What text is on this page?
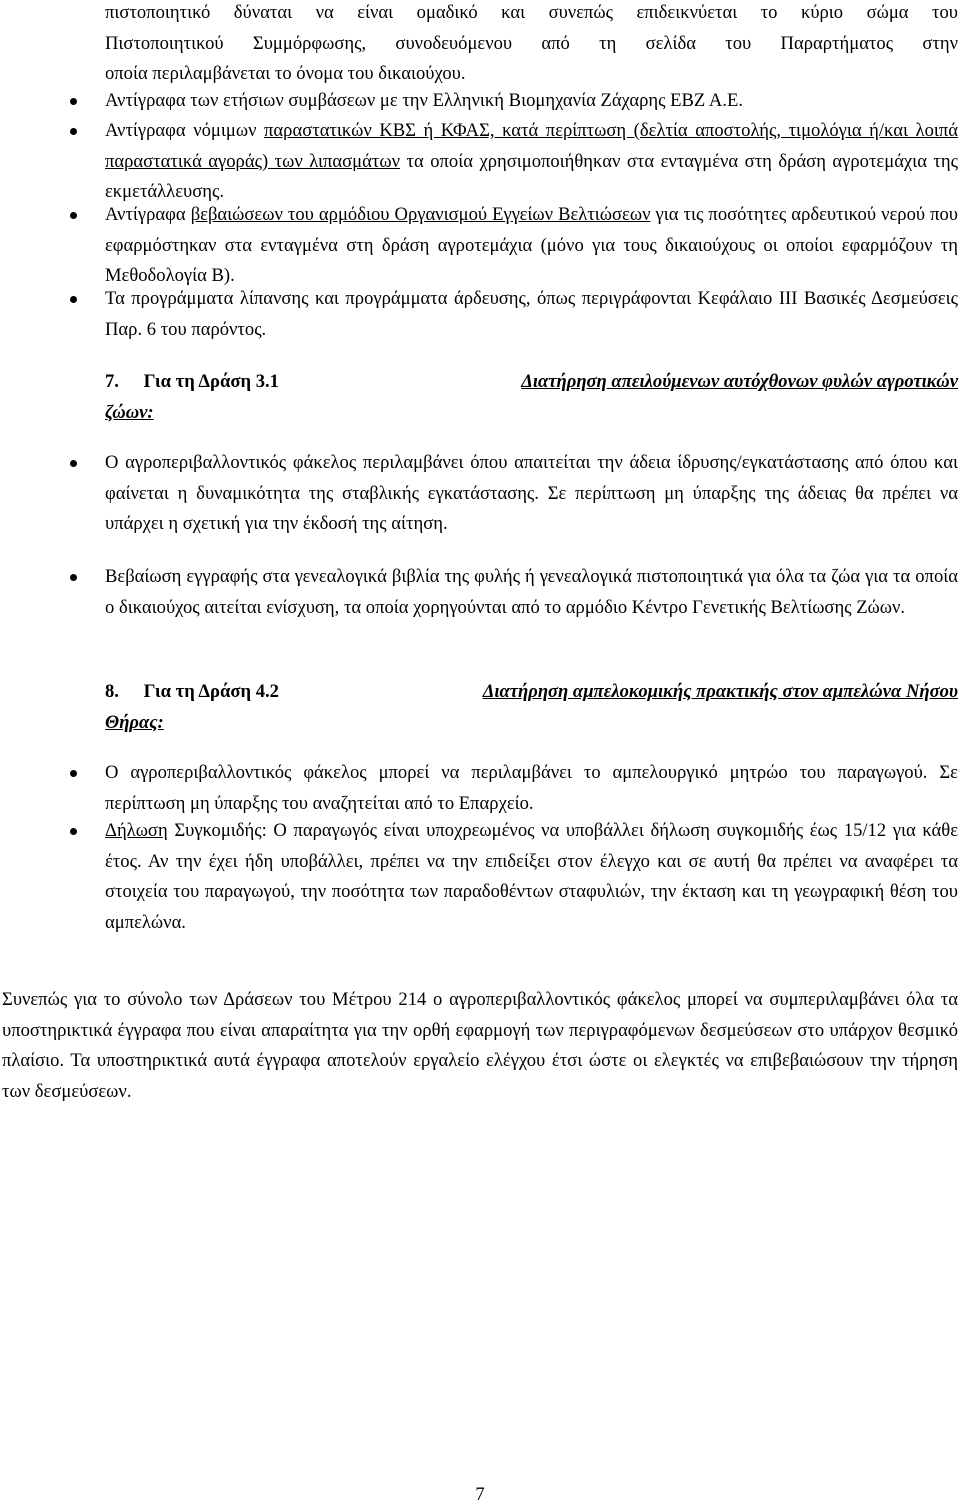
πιστοποιητικό δύναται να είναι ομαδικό και συνεπώς επιδεικνύεται το κύριο σώμα του
Πιστοποιητικού Συμμόρφωσης, συνοδευόμενου από τη σελίδα του Παραρτήματος στην
οποία περιλαμβάνεται το όνομα του δικαιούχου.
Αντίγραφα των ετήσιων συμβάσεων με την Ελληνική Βιομηχανία Ζάχαρης ΕΒΖ Α.Ε.
Αντίγραφα νόμιμων παραστατικών ΚΒΣ ή ΚΦΑΣ, κατά περίπτωση (δελτία αποστολής, τιμολόγια ή/και λοιπά παραστατικά αγοράς) των λιπασμάτων τα οποία χρησιμοποιήθηκαν στα ενταγμένα στη δράση αγροτεμάχια της εκμετάλλευσης.
Αντίγραφα βεβαιώσεων του αρμόδιου Οργανισμού Εγγείων Βελτιώσεων για τις ποσότητες αρδευτικού νερού που εφαρμόστηκαν στα ενταγμένα στη δράση αγροτεμάχια (μόνο για τους δικαιούχους οι οποίοι εφαρμόζουν τη Μεθοδολογία Β).
Τα προγράμματα λίπανσης και προγράμματα άρδευσης, όπως περιγράφονται Κεφάλαιο ΙΙΙ Βασικές Δεσμεύσεις Παρ. 6 του παρόντος.
7. Για τη Δράση 3.1	Διατήρηση απειλούμενων αυτόχθονων φυλών αγροτικών
ζώων:
Ο αγροπεριβαλλοντικός φάκελος περιλαμβάνει όπου απαιτείται την άδεια ίδρυσης/εγκατάστασης από όπου και φαίνεται η δυναμικότητα της σταβλικής εγκατάστασης. Σε περίπτωση μη ύπαρξης της άδειας θα πρέπει να υπάρχει η σχετική για την έκδοσή της αίτηση.
Βεβαίωση εγγραφής στα γενεαλογικά βιβλία της φυλής ή γενεαλογικά πιστοποιητικά για όλα τα ζώα για τα οποία ο δικαιούχος αιτείται ενίσχυση, τα οποία χορηγούνται από το αρμόδιο Κέντρο Γενετικής Βελτίωσης Ζώων.
8. Για τη Δράση 4.2	Διατήρηση αμπελοκομικής πρακτικής στον αμπελώνα Νήσου
Θήρας:
Ο αγροπεριβαλλοντικός φάκελος μπορεί να περιλαμβάνει το αμπελουργικό μητρώο του παραγωγού. Σε περίπτωση μη ύπαρξης του αναζητείται από το Επαρχείο.
Δήλωση Συγκομιδής: Ο παραγωγός είναι υποχρεωμένος να υποβάλλει δήλωση συγκομιδής έως 15/12 για κάθε έτος. Αν την έχει ήδη υποβάλλει, πρέπει να την επιδείξει στον έλεγχο και σε αυτή θα πρέπει να αναφέρει τα στοιχεία του παραγωγού, την ποσότητα των παραδοθέντων σταφυλιών, την έκταση και τη γεωγραφική θέση του αμπελώνα.
Συνεπώς για το σύνολο των Δράσεων του Μέτρου 214 ο αγροπεριβαλλοντικός φάκελος μπορεί να συμπεριλαμβάνει όλα τα υποστηρικτικά έγγραφα που είναι απαραίτητα για την ορθή εφαρμογή των περιγραφόμενων δεσμεύσεων στο υπάρχον θεσμικό πλαίσιο. Τα υποστηρικτικά αυτά έγγραφα αποτελούν εργαλείο ελέγχου έτσι ώστε οι ελεγκτές να επιβεβαιώσουν την τήρηση των δεσμεύσεων.
7
